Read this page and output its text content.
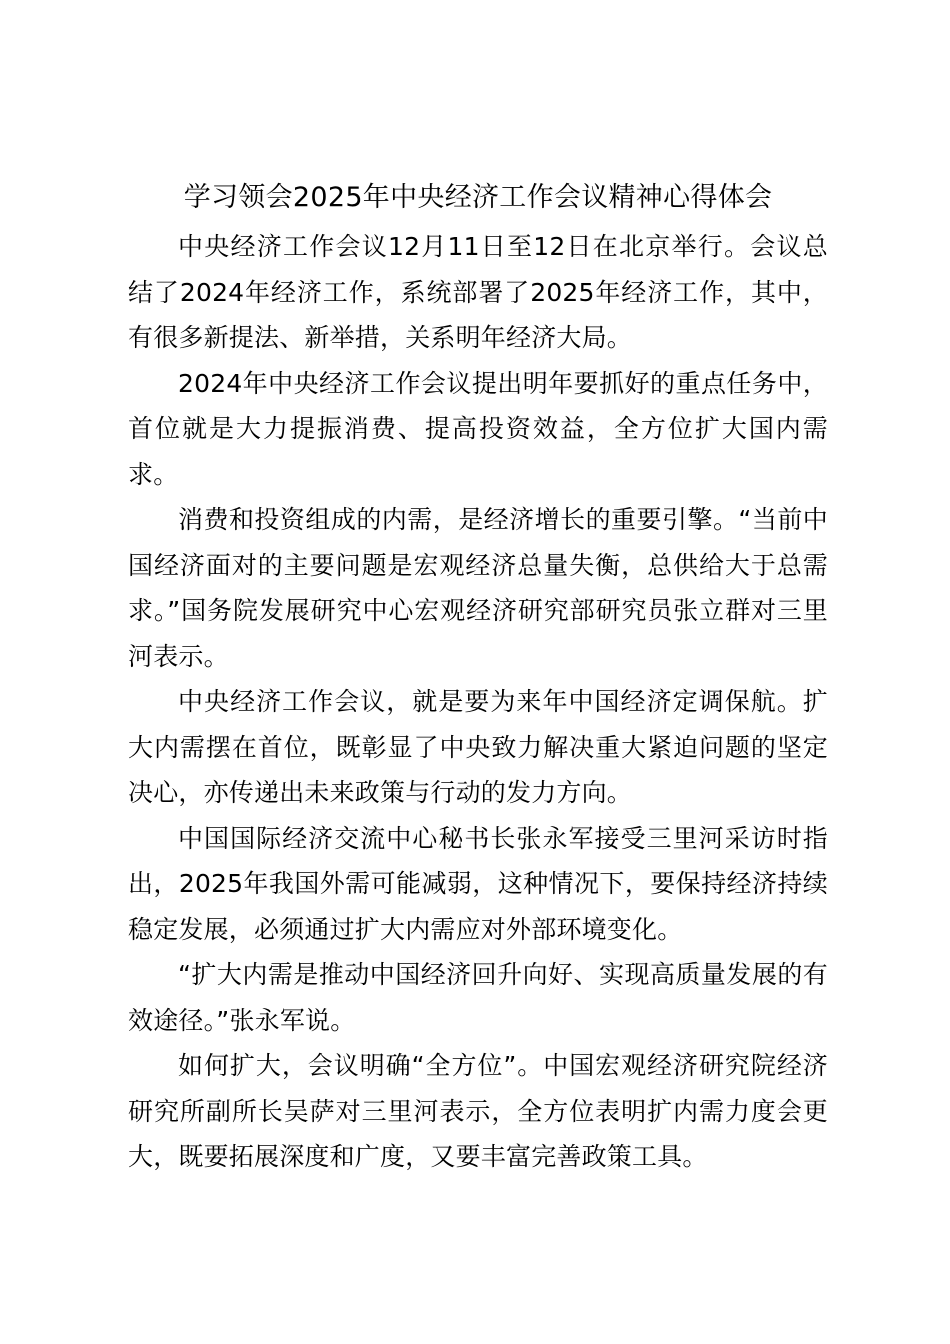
学习领会2025年中央经济工作会议精神心得体会

中央经济工作会议12月11日至12日在北京举行。会议总结了2024年经济工作，系统部署了2025年经济工作，其中，有很多新提法、新举措，关系明年经济大局。

2024年中央经济工作会议提出明年要抓好的重点任务中，首位就是大力提振消费、提高投资效益，全方位扩大国内需求。

消费和投资组成的内需，是经济增长的重要引擎。“当前中国经济面对的主要问题是宏观经济总量失衡，总供给大于总需求。”国务院发展研究中心宏观经济研究部研究员张立群对三里河表示。

中央经济工作会议，就是要为来年中国经济定调保航。扩大内需摆在首位，既彰显了中央致力解决重大紧迫问题的坚定决心，亦传递出未来政策与行动的发力方向。

中国国际经济交流中心秘书长张永军接受三里河采访时指出，2025年我国外需可能减弱，这种情况下，要保持经济持续稳定发展，必须通过扩大内需应对外部环境变化。

“扩大内需是推动中国经济回升向好、实现高质量发展的有效途径。”张永军说。

如何扩大，会议明确“全方位”。中国宏观经济研究院经济研究所副所长吴萨对三里河表示，全方位表明扩内需力度会更大，既要拓展深度和广度，又要丰富完善政策工具。
